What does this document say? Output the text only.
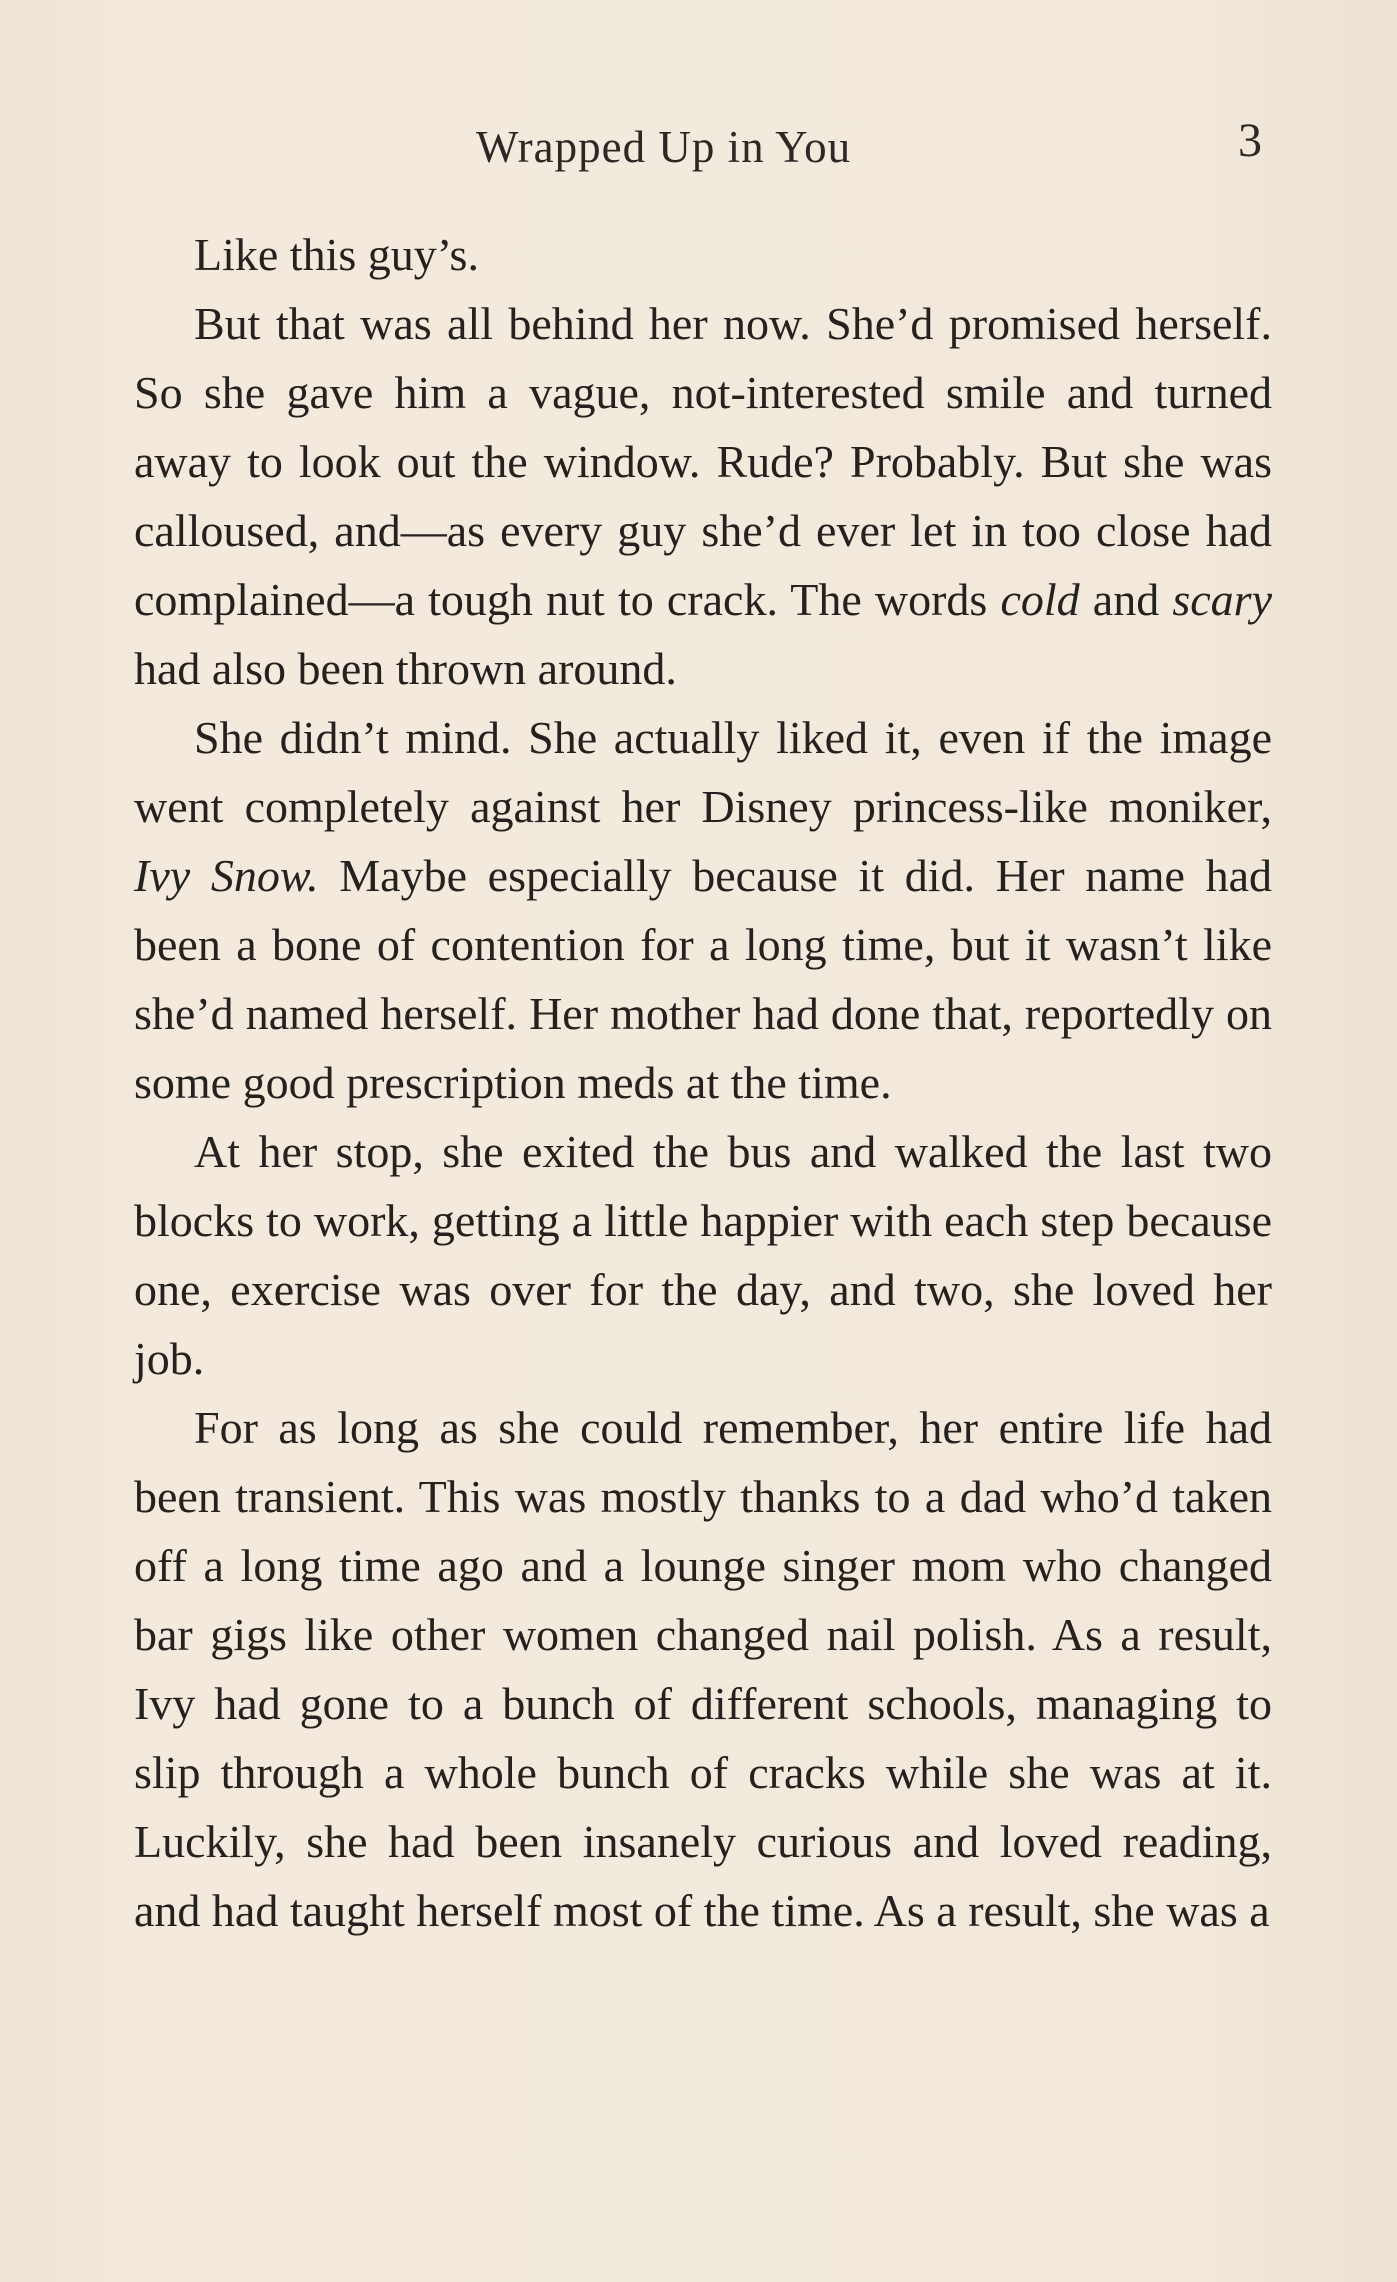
Wrapped Up in You	3

Like this guy’s.

But that was all behind her now. She’d promised herself. So she gave him a vague, not-interested smile and turned away to look out the window. Rude? Probably. But she was calloused, and—as every guy she’d ever let in too close had complained—a tough nut to crack. The words cold and scary had also been thrown around.

She didn’t mind. She actually liked it, even if the image went completely against her Disney princess-like moniker, Ivy Snow. Maybe especially because it did. Her name had been a bone of contention for a long time, but it wasn’t like she’d named herself. Her mother had done that, reportedly on some good prescription meds at the time.

At her stop, she exited the bus and walked the last two blocks to work, getting a little happier with each step because one, exercise was over for the day, and two, she loved her job.

For as long as she could remember, her entire life had been transient. This was mostly thanks to a dad who’d taken off a long time ago and a lounge singer mom who changed bar gigs like other women changed nail polish. As a result, Ivy had gone to a bunch of different schools, managing to slip through a whole bunch of cracks while she was at it. Luckily, she had been insanely curious and loved reading, and had taught herself most of the time. As a result, she was a
